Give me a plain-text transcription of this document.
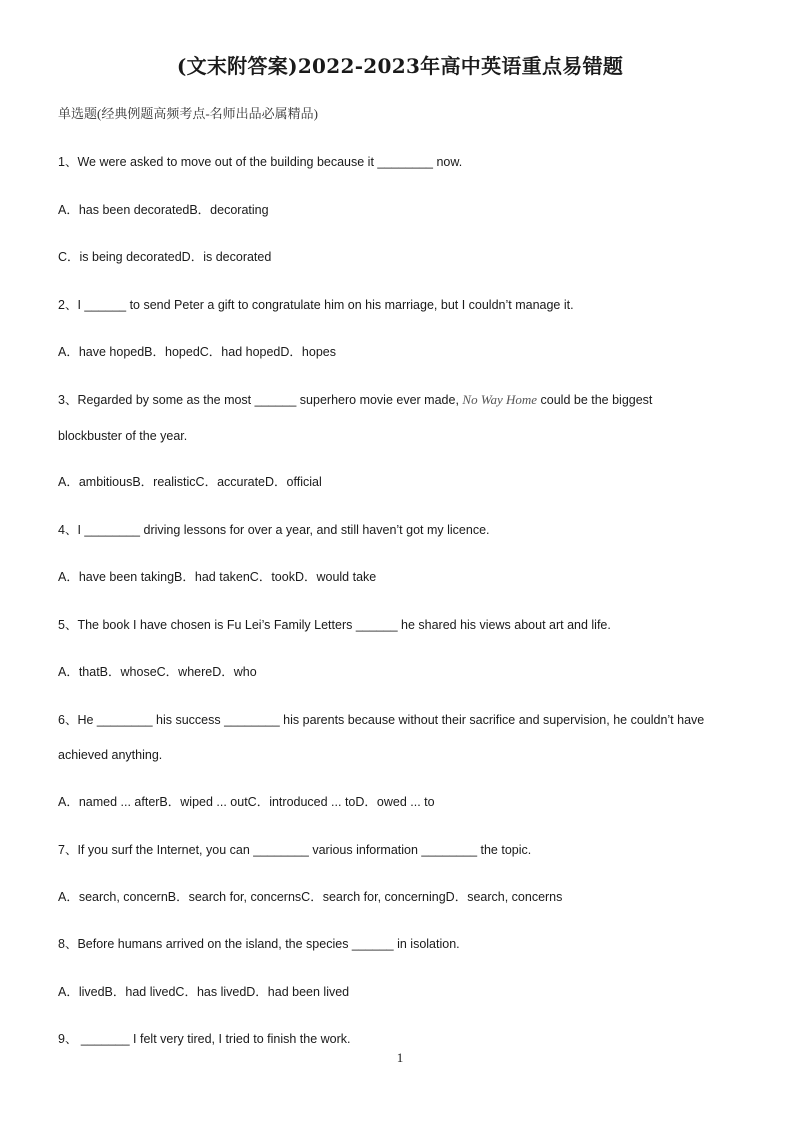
(文末附答案)2022-2023年高中英语重点易错题
单选题(经典例题高频考点-名师出品必属精品)
1、We were asked to move out of the building because it ________ now.
A．has been decoratedB．decorating
C．is being decoratedD．is decorated
2、I ______ to send Peter a gift to congratulate him on his marriage, but I couldn’t manage it.
A．have hopedB．hopedC．had hopedD．hopes
3、Regarded by some as the most ______ superhero movie ever made, No Way Home could be the biggest
blockbuster of the year.
A．ambitiousB．realisticC．accurateD．official
4、I ________ driving lessons for over a year, and still haven’t got my licence.
A．have been takingB．had takenC．tookD．would take
5、The book I have chosen is Fu Lei’s Family Letters ______ he shared his views about art and life.
A．thatB．whoseC．whereD．who
6、He ________ his success ________ his parents because without their sacrifice and supervision, he couldn’t have
achieved anything.
A．named ... afterB．wiped ... outC．introduced ... toD．owed ... to
7、If you surf the Internet, you can ________ various information ________ the topic.
A．search, concernB．search for, concernsC．search for, concerningD．search, concerns
8、Before humans arrived on the island, the species ______ in isolation.
A．livedB．had livedC．has livedD．had been lived
9、 _______ I felt very tired, I tried to finish the work.
1
